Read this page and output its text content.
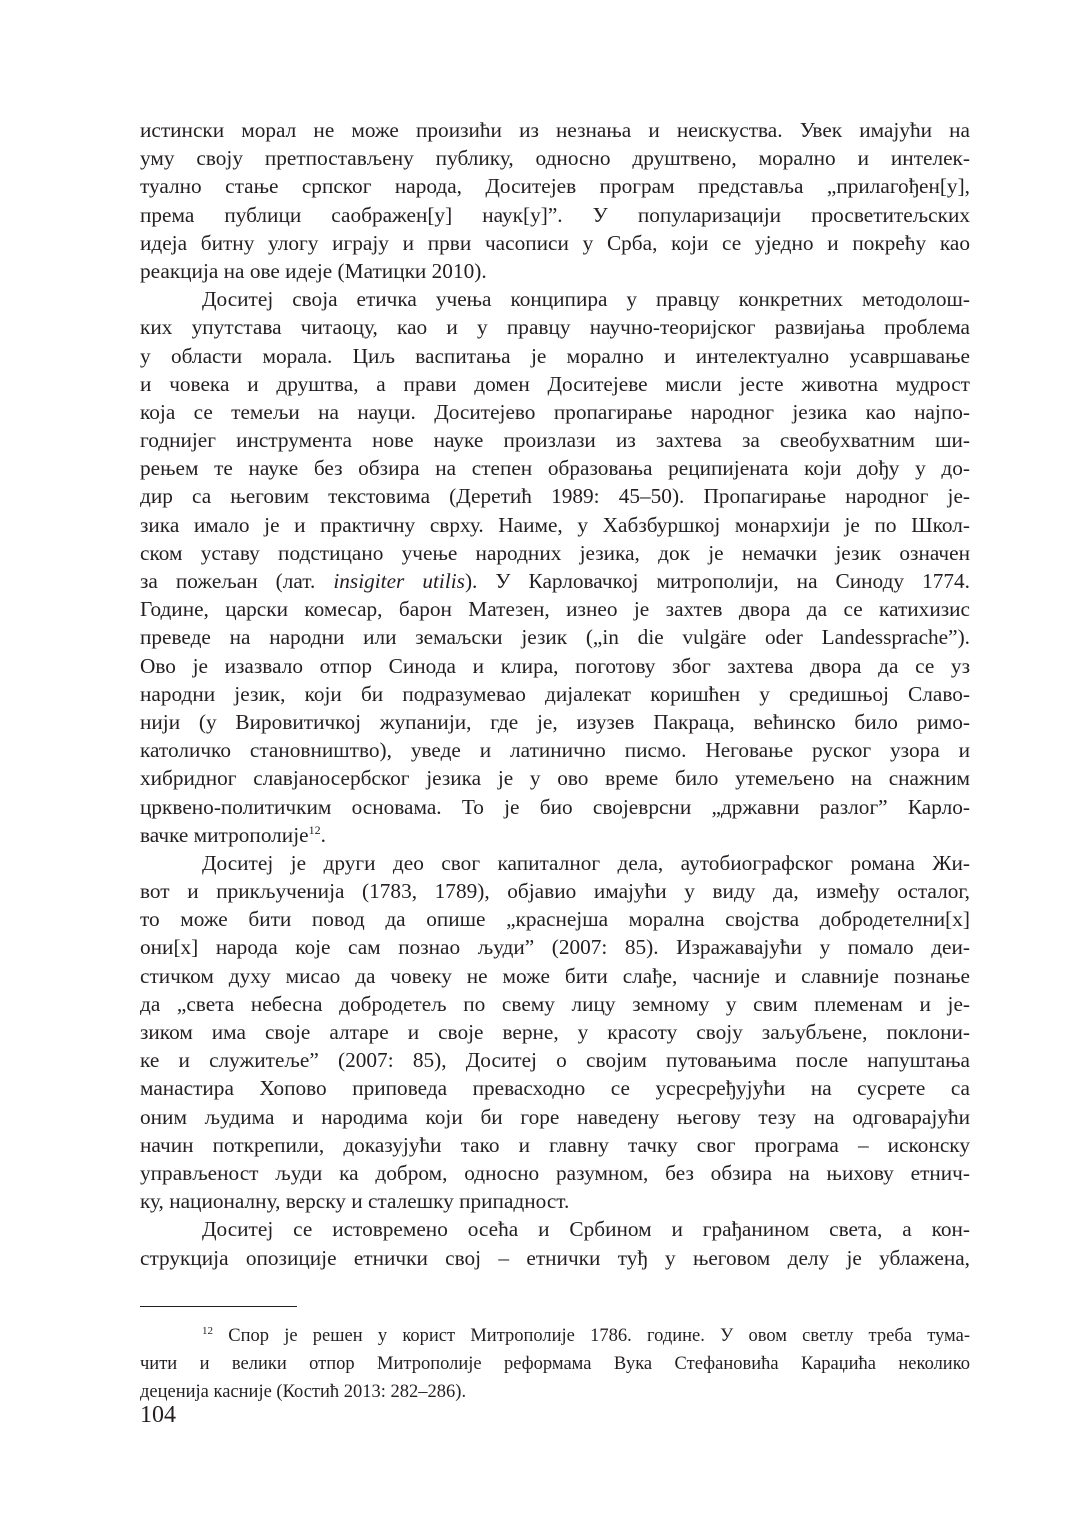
истински морал не може произићи из незнања и неискуства. Увек имајући на
уму своју претпостављену публику, односно друштвено, морално и интелек-
туално стање српског народа, Доситејев програм представља „прилагођен[у],
према публици саображен[у] наук[у]”. У популаризацији просветитељских
идеја битну улогу играју и први часописи у Срба, који се уједно и покрећу као
реакција на ове идеје (Матицки 2010).
Доситеј своја етичка учења конципира у правцу конкретних методолош-
ких упутстава читаоцу, као и у правцу научно-теоријског развијања проблема
у области морала. Циљ васпитања је морално и интелектуално усавршавање
и човека и друштва, а прави домен Доситејеве мисли јесте животна мудрост
која се темељи на науци. Доситејево пропагирање народног језика као најпо-
годнијег инструмента нове науке произлази из захтева за свеобухватним ши-
рењем те науке без обзира на степен образовања реципијената који дођу у до-
дир са његовим текстовима (Деретић 1989: 45–50). Пропагирање народног је-
зика имало је и практичну сврху. Наиме, у Хабзбуршкој монархији је по Школ-
ском уставу подстицано учење народних језика, док је немачки језик означен
за пожељан (лат. insigiter utilis). У Карловачкој митрополији, на Синоду 1774.
Године, царски комесар, барон Матезен, изнео је захтев двора да се катихизис
преведе на народни или земаљски језик („in die vulgäre oder Landessprache”).
Ово је изазвало отпор Синода и клира, поготову због захтева двора да се уз
народни језик, који би подразумевао дијалекат коришћен у средишњој Славо-
нији (у Вировитичкој жупанији, где је, изузев Пакраца, већинско било римо-
католичко становништво), уведе и латинично писмо. Неговање руског узора и
хибридног славјаносербског језика је у ово време било утемељено на снажним
црквено-политичким основама. То је био својеврсни „државни разлог” Карло-
вачке митрополије$^{12}$.
Доситеј је други део свог капиталног дела, аутобиографског романа Жи-
вот и прикљученија (1783, 1789), објавио имајући у виду да, између осталог,
то може бити повод да опише „краснејша моралнa својства добродетелни[х]
они[х] народа које сам познао људи” (2007: 85). Изражавајући у помало деи-
стичком духу мисао да човеку не може бити слађе, часније и славније познање
да „света небесна добродетељ по свему лицу земному у свим племенам и је-
зиком има своје алтаре и своје верне, у красоту своју заљубљене, поклони-
ке и служитеље” (2007: 85), Доситеј о својим путовањима после напуштања
манастира Хопово приповеда превасходно се усресређујући на сусрете са
оним људима и народима који би горе наведену његову тезу на одговарајући
начин поткрепили, доказујући тако и главну тачку свог програма – исконску
управљеност људи ка добром, односно разумном, без обзира на њихову етнич-
ку, националну, верску и сталешку припадност.
Доситеј се истовремено осећа и Србином и грађанином света, а кон-
струкција опозиције етнички свој – етнички туђ у његовом делу је ублажена,
$^{12}$ Спор је решен у корист Митрополије 1786. године. У овом светлу треба тума-
чити и велики отпор Митрополије реформама Вука Стефановића Караџића неколико
деценија касније (Костић 2013: 282–286).
104
